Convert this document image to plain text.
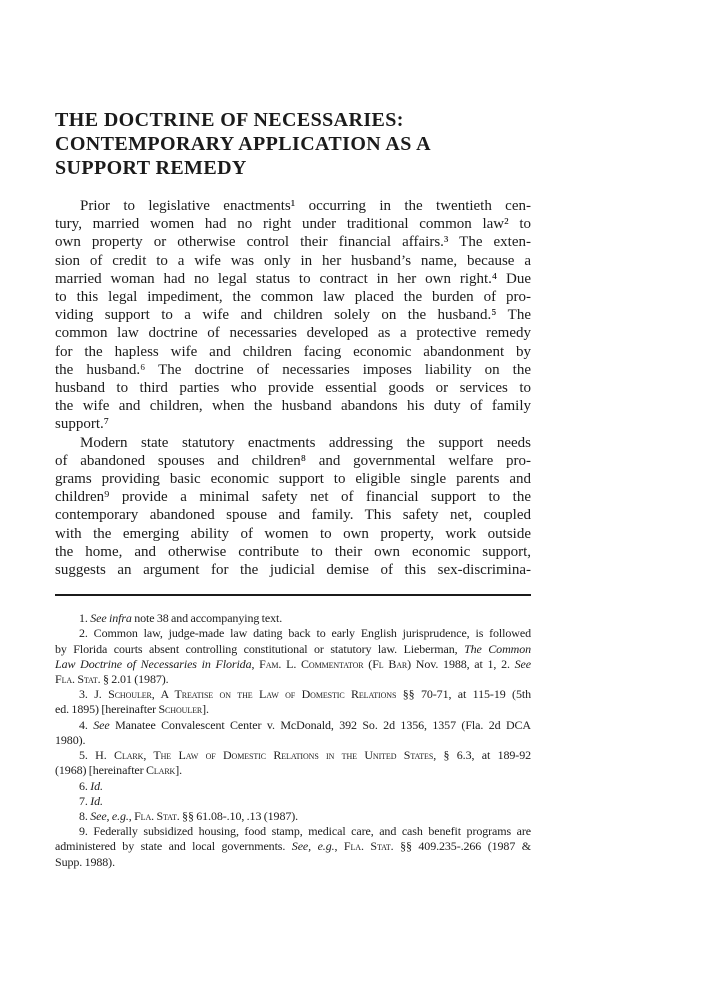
THE DOCTRINE OF NECESSARIES:
CONTEMPORARY APPLICATION AS A
SUPPORT REMEDY
Prior to legislative enactments¹ occurring in the twentieth cen-
tury, married women had no right under traditional common law² to
own property or otherwise control their financial affairs.³ The exten-
sion of credit to a wife was only in her husband’s name, because a
married woman had no legal status to contract in her own right.⁴ Due
to this legal impediment, the common law placed the burden of pro-
viding support to a wife and children solely on the husband.⁵ The
common law doctrine of necessaries developed as a protective remedy
for the hapless wife and children facing economic abandonment by
the husband.⁶ The doctrine of necessaries imposes liability on the
husband to third parties who provide essential goods or services to
the wife and children, when the husband abandons his duty of family
support.⁷
Modern state statutory enactments addressing the support needs
of abandoned spouses and children⁸ and governmental welfare pro-
grams providing basic economic support to eligible single parents and
children⁹ provide a minimal safety net of financial support to the
contemporary abandoned spouse and family. This safety net, coupled
with the emerging ability of women to own property, work outside
the home, and otherwise contribute to their own economic support,
suggests an argument for the judicial demise of this sex-discrimina-
1. See infra note 38 and accompanying text.
2. Common law, judge-made law dating back to early English jurisprudence, is followed
by Florida courts absent controlling constitutional or statutory law. Lieberman, The Common
Law Doctrine of Necessaries in Florida, Fam. L. Commentator (Fl Bar) Nov. 1988, at 1, 2. See
Fla. Stat. § 2.01 (1987).
3. J. Schouler, A Treatise on the Law of Domestic Relations §§ 70-71, at 115-19 (5th
ed. 1895) [hereinafter Schouler].
4. See Manatee Convalescent Center v. McDonald, 392 So. 2d 1356, 1357 (Fla. 2d DCA
1980).
5. H. Clark, The Law of Domestic Relations in the United States, § 6.3, at 189-92
(1968) [hereinafter Clark].
6. Id.
7. Id.
8. See, e.g., Fla. Stat. §§ 61.08-.10, .13 (1987).
9. Federally subsidized housing, food stamp, medical care, and cash benefit programs are
administered by state and local governments. See, e.g., Fla. Stat. §§ 409.235-.266 (1987 &
Supp. 1988).
